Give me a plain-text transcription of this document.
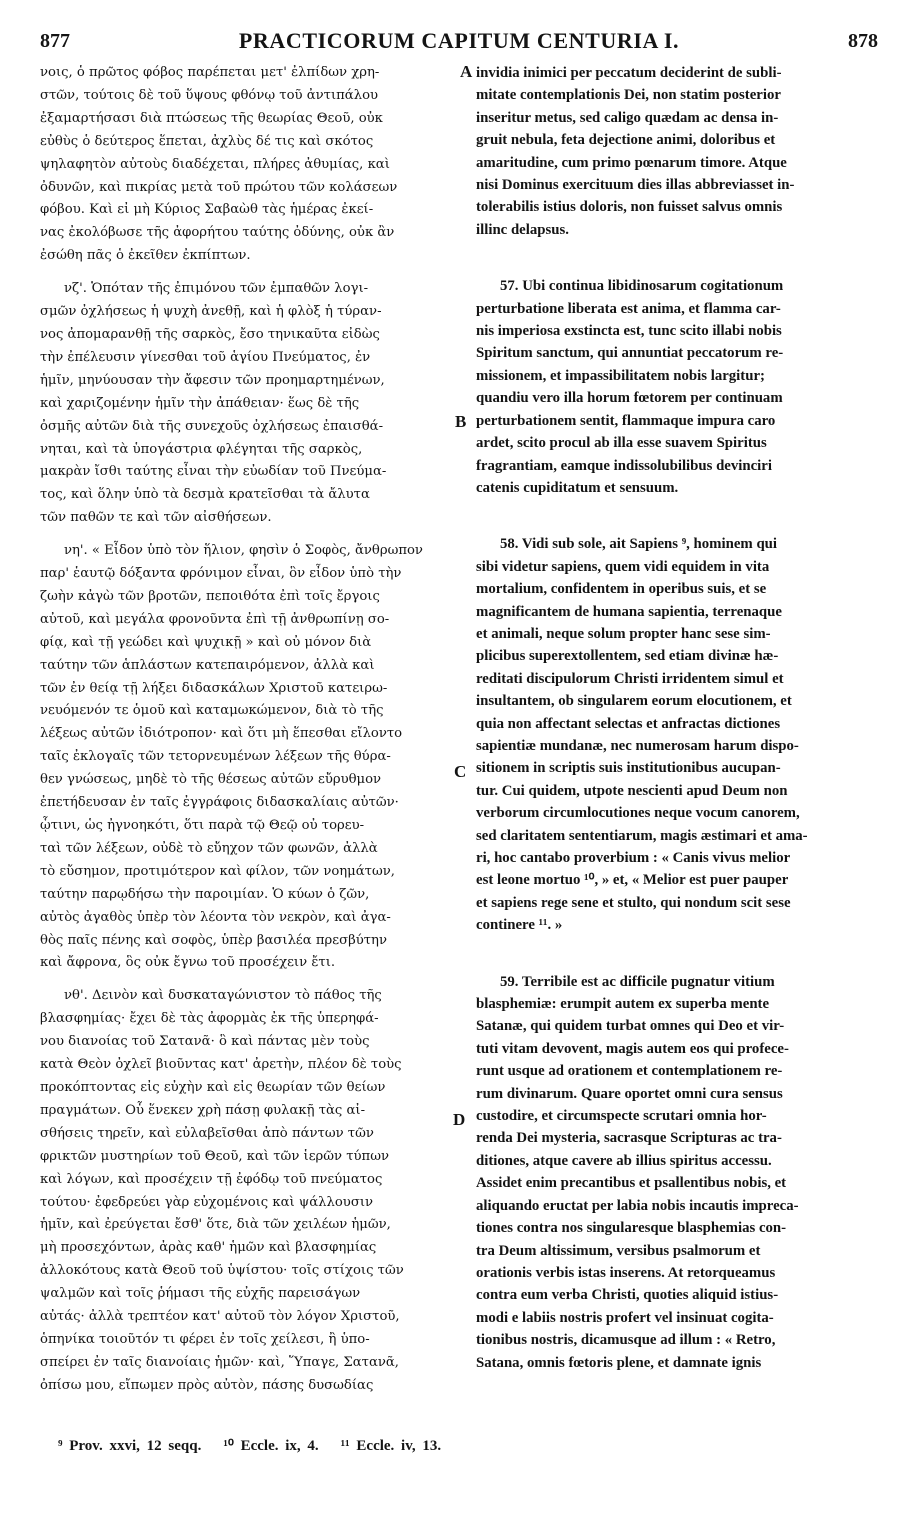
877	PRACTICORUM CAPITUM CENTURIA I.	878
νοις, ὁ πρῶτος φόβος παρέπεται μετ' ἐλπίδων χρη-
στῶν, τούτοις δὲ τοῦ ὕψους φθόνῳ τοῦ ἀντιπάλου
ἐξαμαρτήσασι διὰ πτώσεως τῆς θεωρίας Θεοῦ, οὐκ
εὐθὺς ὁ δεύτερος ἕπεται, ἀχλὺς δέ τις καὶ σκότος
ψηλαφητὸν αὐτοὺς διαδέχεται, πλήρες ἀθυμίας, καὶ
ὀδυνῶν, καὶ πικρίας μετὰ τοῦ πρώτου τῶν κολάσεων
φόβου. Καὶ εἰ μὴ Κύριος Σαβαὼθ τὰς ἡμέρας ἐκεί-
νας ἐκολόβωσε τῆς ἀφορήτου ταύτης ὀδύνης, οὐκ ἂν
ἐσώθη πᾶς ὁ ἐκεῖθεν ἐκπίπτων.
νζ'. Ὁπόταν τῆς ἐπιμόνου τῶν ἐμπαθῶν λογι-
σμῶν ὀχλήσεως ἡ ψυχὴ ἀνεθῇ, καὶ ἡ φλὸξ ἡ τύραν-
νος ἀπομαρανθῇ τῆς σαρκὸς, ἔσο τηνικαῦτα εἰδὼς
τὴν ἐπέλευσιν γίνεσθαι τοῦ ἁγίου Πνεύματος, ἐν
ἡμῖν, μηνύουσαν τὴν ἄφεσιν τῶν προημαρτημένων,
καὶ χαριζομένην ἡμῖν τὴν ἀπάθειαν· ἕως δὲ τῆς
ὀσμῆς αὐτῶν διὰ τῆς συνεχοῦς ὀχλήσεως ἐπαισθά-
νηται, καὶ τὰ ὑπογάστρια φλέγηται τῆς σαρκὸς,
μακρὰν ἴσθι ταύτης εἶναι τὴν εὐωδίαν τοῦ Πνεύμα-
τος, καὶ ὅλην ὑπὸ τὰ δεσμὰ κρατεῖσθαι τὰ ἄλυτα
τῶν παθῶν τε καὶ τῶν αἰσθήσεων.
νη'. « Εἶδον ὑπὸ τὸν ἥλιον, φησὶν ὁ Σοφὸς, ἄνθρωπον
παρ' ἑαυτῷ δόξαντα φρόνιμον εἶναι, ὃν εἶδον ὑπὸ τὴν
ζωὴν κἀγὼ τῶν βροτῶν, πεποιθότα ἐπὶ τοῖς ἔργοις
αὐτοῦ, καὶ μεγάλα φρονοῦντα ἐπὶ τῇ ἀνθρωπίνῃ σο-
φίᾳ, καὶ τῇ γεώδει καὶ ψυχικῇ » καὶ οὐ μόνον διὰ
ταύτην τῶν ἁπλάστων κατεπαιρόμενον, ἀλλὰ καὶ
τῶν ἐν θείᾳ τῇ λήξει διδασκάλων Χριστοῦ κατειρω-
νευόμενόν τε ὁμοῦ καὶ καταμωκώμενον, διὰ τὸ τῆς
λέξεως αὐτῶν ἰδιότροπον· καὶ ὅτι μὴ ἕπεσθαι εἴλοντο
ταῖς ἐκλογαῖς τῶν τετορνευμένων λέξεων τῆς θύρα-
θεν γνώσεως, μηδὲ τὸ τῆς θέσεως αὐτῶν εὔρυθμον
ἐπετήδευσαν ἐν ταῖς ἐγγράφοις διδασκαλίαις αὐτῶν·
ᾧτινι, ὡς ἠγνοηκότι, ὅτι παρὰ τῷ Θεῷ οὐ τορευ-
ταὶ τῶν λέξεων, οὐδὲ τὸ εὔηχον τῶν φωνῶν, ἀλλὰ
τὸ εὔσημον, προτιμότερον καὶ φίλον, τῶν νοημάτων,
ταύτην παρῳδήσω τὴν παροιμίαν. Ὁ κύων ὁ ζῶν,
αὐτὸς ἀγαθὸς ὑπὲρ τὸν λέοντα τὸν νεκρὸν, καὶ ἀγα-
θὸς παῖς πένης καὶ σοφὸς, ὑπὲρ βασιλέα πρεσβύτην
καὶ ἄφρονα, ὃς οὐκ ἔγνω τοῦ προσέχειν ἔτι.
νθ'. Δεινὸν καὶ δυσκαταγώνιστον τὸ πάθος τῆς
βλασφημίας· ἔχει δὲ τὰς ἀφορμὰς ἐκ τῆς ὑπερηφά-
νου διανοίας τοῦ Σατανᾶ· ὃ καὶ πάντας μὲν τοὺς
κατὰ Θεὸν ὀχλεῖ βιοῦντας κατ' ἀρετὴν, πλέον δὲ τοὺς
προκόπτοντας εἰς εὐχὴν καὶ εἰς θεωρίαν τῶν θείων
πραγμάτων. Οὗ ἕνεκεν χρὴ πάσῃ φυλακῇ τὰς αἰ-
σθήσεις τηρεῖν, καὶ εὐλαβεῖσθαι ἀπὸ πάντων τῶν
φρικτῶν μυστηρίων τοῦ Θεοῦ, καὶ τῶν ἱερῶν τύπων
καὶ λόγων, καὶ προσέχειν τῇ ἐφόδῳ τοῦ πνεύματος
τούτου· ἐφεδρεύει γὰρ εὐχομένοις καὶ ψάλλουσιν
ἡμῖν, καὶ ἐρεύγεται ἔσθ' ὅτε, διὰ τῶν χειλέων ἡμῶν,
μὴ προσεχόντων, ἀρὰς καθ' ἡμῶν καὶ βλασφημίας
ἀλλοκότους κατὰ Θεοῦ τοῦ ὑψίστου· τοῖς στίχοις τῶν
ψαλμῶν καὶ τοῖς ῥήμασι τῆς εὐχῆς παρεισάγων
αὐτάς· ἀλλὰ τρεπτέον κατ' αὐτοῦ τὸν λόγον Χριστοῦ,
ὁπηνίκα τοιοῦτόν τι φέρει ἐν τοῖς χείλεσι, ἢ ὑπο-
σπείρει ἐν ταῖς διανοίαις ἡμῶν· καὶ, Ὕπαγε, Σατανᾶ,
ὀπίσω μου, εἴπωμεν πρὸς αὐτὸν, πάσης δυσωδίας
invidia inimici per peccatum deciderint de subli-
mitate contemplationis Dei, non statim posterior
inseritur metus, sed caligo quædam ac densa in-
gruit nebula, feta dejectione animi, doloribus et
amaritudine, cum primo pœnarum timore. Atque
nisi Dominus exercituum dies illas abbreviasset in-
tolerabilis istius doloris, non fuisset salvus omnis
illinc delapsus.
57. Ubi continua libidinosarum cogitationum
perturbatione liberata est anima, et flamma car-
nis imperiosa exstincta est, tunc scito illabi nobis
Spiritum sanctum, qui annuntiat peccatorum re-
missionem, et impassibilitatem nobis largitur;
quandiu vero illa horum fœtorem per continuam
perturbationem sentit, flammaque impura caro
ardet, scito procul ab illa esse suavem Spiritus
fragrantiam, eamque indissolubilibus devinciri
catenis cupiditatum et sensuum.
58. Vidi sub sole, ait Sapiens ⁹, hominem qui
sibi videtur sapiens, quem vidi equidem in vita
mortalium, confidentem in operibus suis, et se
magnificantem de humana sapientia, terrenaque
et animali, neque solum propter hanc sese sim-
plicibus superextollentem, sed etiam divinæ hæ-
reditati discipulorum Christi irridentem simul et
insultantem, ob singularem eorum elocutionem, et
quia non affectant selectas et anfractas dictiones
sapientiæ mundanæ, nec numerosam harum dispo-
sitionem in scriptis suis institutionibus aucupan-
tur. Cui quidem, utpote nescienti apud Deum non
verborum circumlocutiones neque vocum canorem,
sed claritatem sententiarum, magis æstimari et ama-
ri, hoc cantabo proverbium : « Canis vivus melior
est leone mortuo ¹⁰, » et, « Melior est puer pauper
et sapiens rege sene et stulto, qui nondum scit sese
continere ¹¹. »
59. Terribile est ac difficile pugnatur vitium
blasphemiæ: erumpit autem ex superba mente
Satanæ, qui quidem turbat omnes qui Deo et vir-
tuti vitam devovent, magis autem eos qui profece-
runt usque ad orationem et contemplationem re-
rum divinarum. Quare oportet omni cura sensus
custodire, et circumspecte scrutari omnia hor-
renda Dei mysteria, sacrasque Scripturas ac tra-
ditiones, atque cavere ab illius spiritus accessu.
Assidet enim precantibus et psallentibus nobis, et
aliquando eructat per labia nobis incautis impreca-
tiones contra nos singularesque blasphemias con-
tra Deum altissimum, versibus psalmorum et
orationis verbis istas inserens. At retorqueamus
contra eum verba Christi, quoties aliquid istius-
modi e labiis nostris profert vel insinuat cogita-
tionibus nostris, dicamusque ad illum : « Retro,
Satana, omnis fœtoris plene, et damnate ignis
A
B
C
D
⁹ Prov. xxvi, 12 seqq. ¹⁰ Eccle. ix, 4. ¹¹ Eccle. iv, 13.
